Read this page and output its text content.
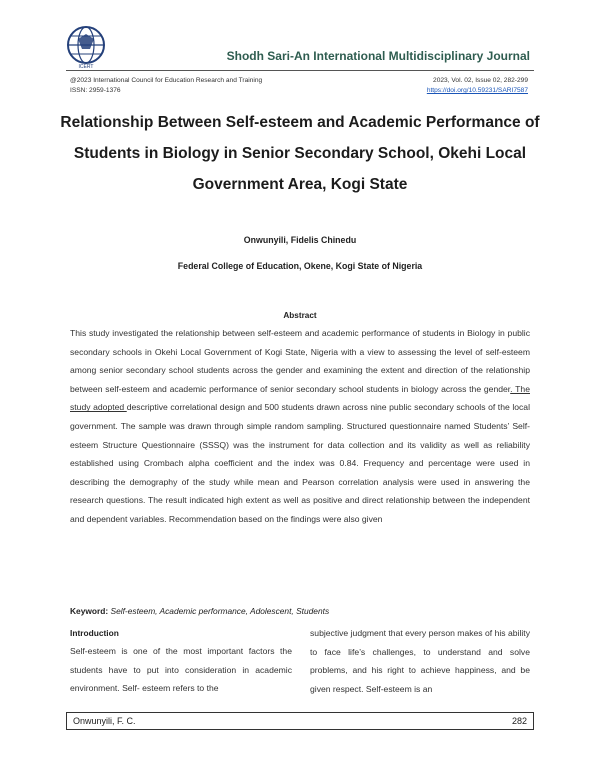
ICERT
Shodh Sari-An International Multidisciplinary Journal
@2023 International Council for Education Research and Training
ISSN: 2959-1376
2023, Vol. 02, Issue 02, 282-299
https://doi.org/10.59231/SARI7587
Relationship Between Self-esteem and Academic Performance of Students in Biology in Senior Secondary School, Okehi Local Government Area, Kogi State
Onwunyili, Fidelis Chinedu
Federal College of Education, Okene, Kogi State of Nigeria
Abstract
This study investigated the relationship between self-esteem and academic performance of students in Biology in public secondary schools in Okehi Local Government of Kogi State, Nigeria with a view to assessing the level of self-esteem among senior secondary school students across the gender and examining the extent and direction of the relationship between self-esteem and academic performance of senior secondary school students in biology across the gender. The study adopted descriptive correlational design and 500 students drawn across nine public secondary schools of the local government. The sample was drawn through simple random sampling. Structured questionnaire named Students’ Self-esteem Structure Questionnaire (SSSQ) was the instrument for data collection and its validity as well as reliability established using Crombach alpha coefficient and the index was 0.84. Frequency and percentage were used in describing the demography of the study while mean and Pearson correlation analysis were used in answering the research questions. The result indicated high extent as well as positive and direct relationship between the independent and dependent variables. Recommendation based on the findings were also given
Keyword: Self-esteem, Academic performance, Adolescent, Students

Introduction

Self-esteem is one of the most important factors the students have to put into consideration in academic environment. Self- esteem refers to the

subjective judgment that every person makes of his ability to face life’s challenges, to understand and solve problems, and his right to achieve happiness, and be given respect. Self-esteem is an

Onwunyili, F. C.	282
